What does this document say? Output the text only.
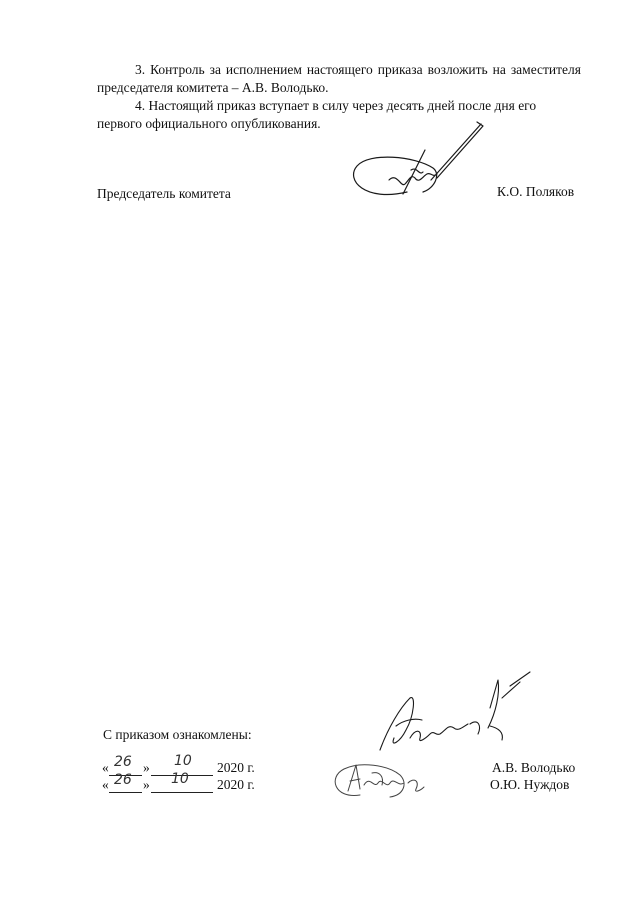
3. Контроль за исполнением настоящего приказа возложить на заместителя председателя комитета – А.В. Володько.
4. Настоящий приказ вступает в силу через десять дней после дня его первого официального опубликования.
Председатель комитета	К.О. Поляков
С приказом ознакомлены:
« 26 » 10 2020 г.	А.В. Володько
« 26 » 10 2020 г.	О.Ю. Нуждов
